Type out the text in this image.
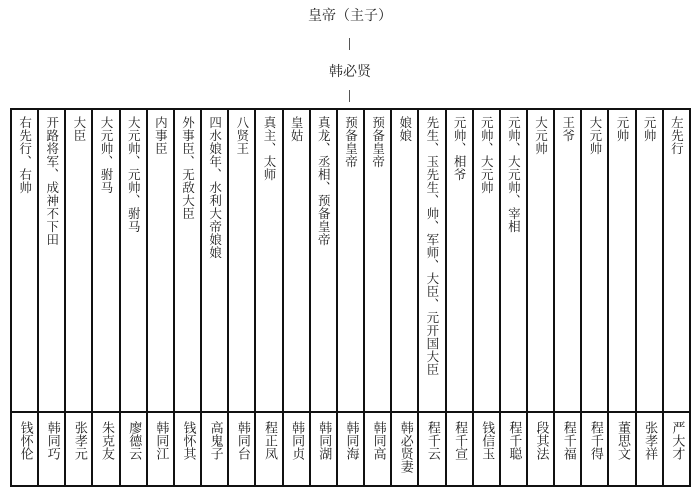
皇帝（主子）
韩必贤
右先行、右帅	开路将军、成神不下田	大臣	大元帅、驸马	大元帅、元帅、驸马	内事臣	外事臣、无敌大臣	四水娘年、水利大帝娘娘	八贤王	真主、太师	皇姑	真龙、丞相、预备皇帝	预备皇帝	预备皇帝	娘娘	先生、玉先生、帅、军师、大臣、元开国大臣	元帅、相爷	元帅、大元帅	元帅、大元帅、宰相	大元帅	王爷	大元帅	元帅	元帅	左先行

钱怀伦	韩同巧	张孝元	朱克友	廖德云	韩同江	钱怀其	高鬼子	韩同台	程正凤	韩同贞	韩同湖	韩同海	韩同高	韩必贤妻	程千云	程千宣	钱信玉	程千聪	段其法	程千福	程千得	董思文	张孝祥	严大才
